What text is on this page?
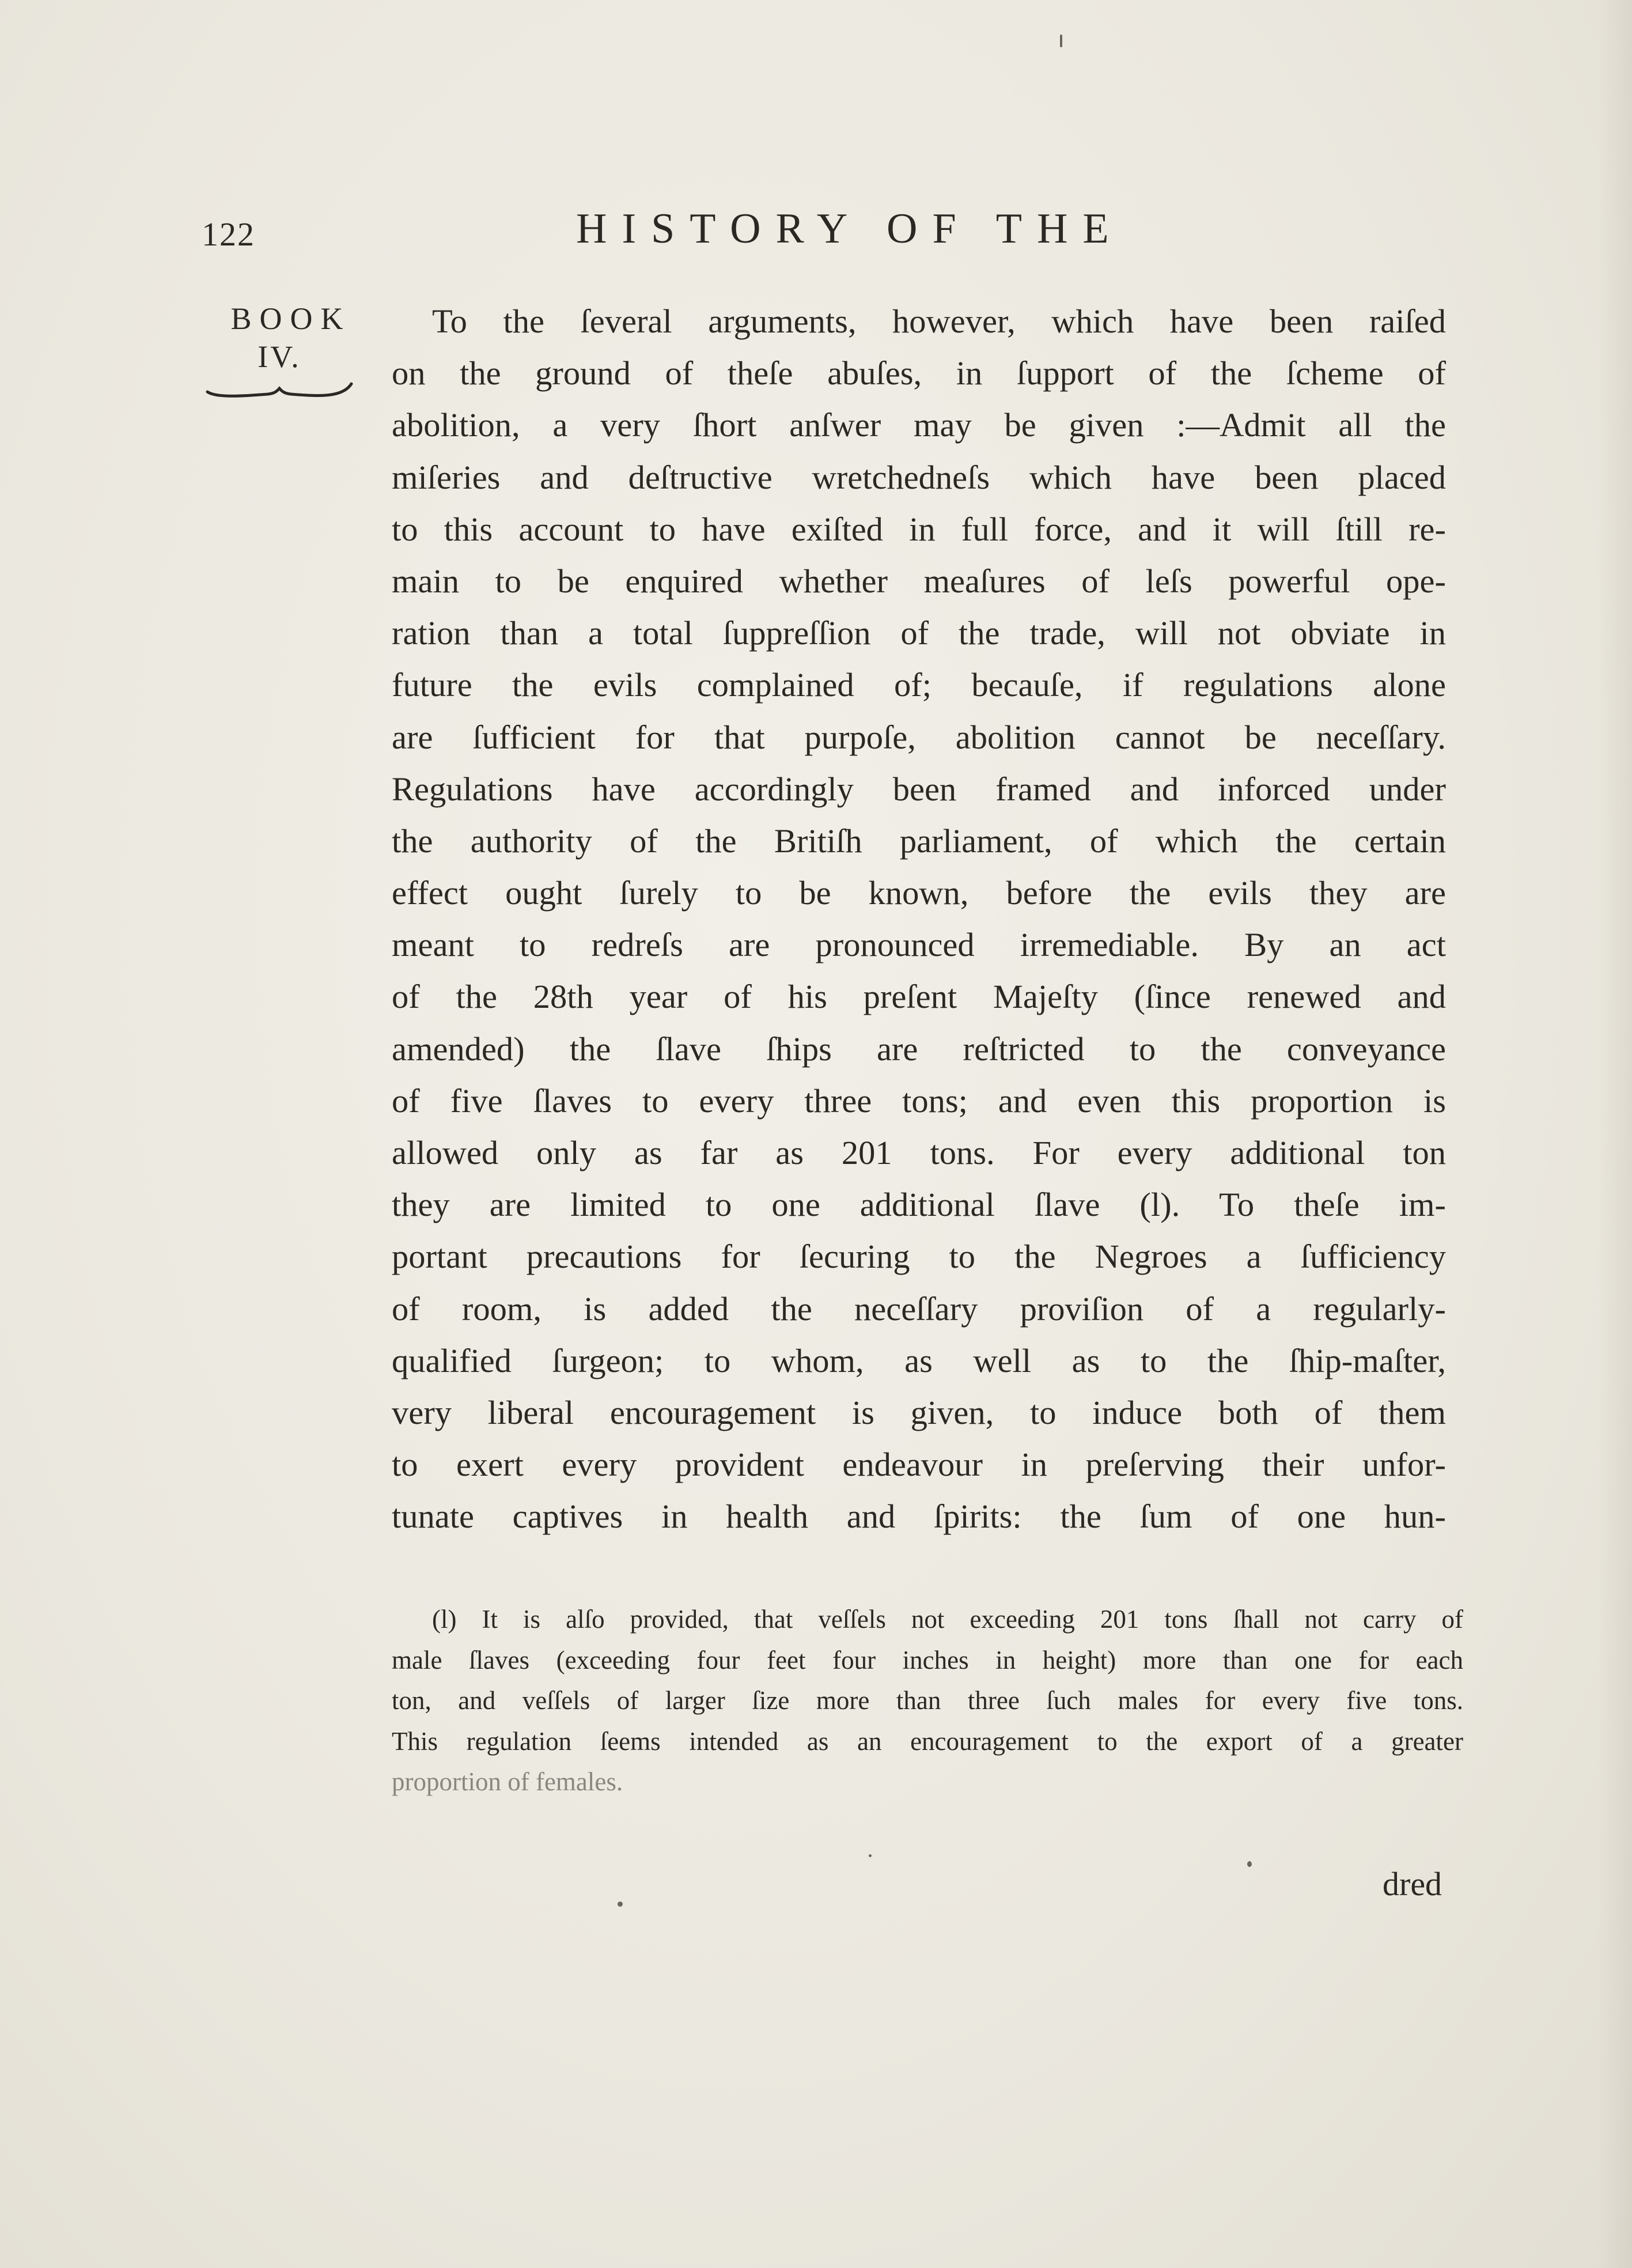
122	HISTORY OF THE
BOOK
IV.
To the ſeveral arguments, however, which have been raiſed
on the ground of theſe abuſes, in ſupport of the ſcheme of
abolition, a very ſhort anſwer may be given :—Admit all the
miſeries and deſtructive wretchedneſs which have been placed
to this account to have exiſted in full force, and it will ſtill re-
main to be enquired whether meaſures of leſs powerful ope-
ration than a total ſuppreſſion of the trade, will not obviate in
future the evils complained of; becauſe, if regulations alone
are ſufficient for that purpoſe, abolition cannot be neceſſary.
Regulations have accordingly been framed and inforced under
the authority of the Britiſh parliament, of which the certain
effect ought ſurely to be known, before the evils they are
meant to redreſs are pronounced irremediable. By an act
of the 28th year of his preſent Majeſty (ſince renewed and
amended) the ſlave ſhips are reſtricted to the conveyance
of five ſlaves to every three tons; and even this proportion is
allowed only as far as 201 tons. For every additional ton
they are limited to one additional ſlave (l). To theſe im-
portant precautions for ſecuring to the Negroes a ſufficiency
of room, is added the neceſſary proviſion of a regularly-
qualified ſurgeon; to whom, as well as to the ſhip-maſter,
very liberal encouragement is given, to induce both of them
to exert every provident endeavour in preſerving their unfor-
tunate captives in health and ſpirits: the ſum of one hun-
(l) It is alſo provided, that veſſels not exceeding 201 tons ſhall not carry of
male ſlaves (exceeding four feet four inches in height) more than one for each
ton, and veſſels of larger ſize more than three ſuch males for every five tons.
This regulation ſeems intended as an encouragement to the export of a greater
proportion of females.
dred
